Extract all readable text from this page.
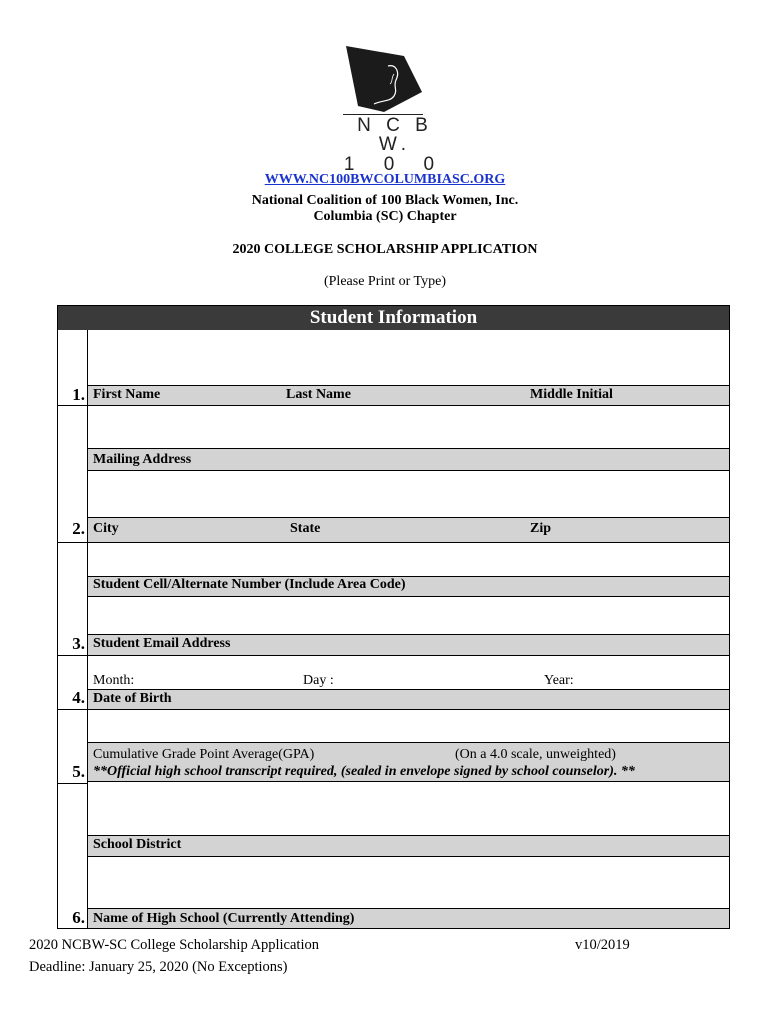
N C B W.
1 0 0
WWW.NC100BWCOLUMBIASC.ORG
National Coalition of 100 Black Women, Inc.
Columbia (SC) Chapter
2020 COLLEGE SCHOLARSHIP APPLICATION
(Please Print or Type)
Student Information
First Name	Last Name	Middle Initial
1.
Mailing Address
City	State	Zip
2.
Student Cell/Alternate Number (Include Area Code)
Student Email Address
3.
Month:	Day :	Year:
Date of Birth
4.
Cumulative Grade Point Average(GPA)	(On a 4.0 scale, unweighted)
**Official high school transcript required, (sealed in envelope signed by school counselor). **
5.
School District
Name of High School (Currently Attending)
6.
2020 NCBW-SC College Scholarship Application	v10/2019
Deadline: January 25, 2020 (No Exceptions)
